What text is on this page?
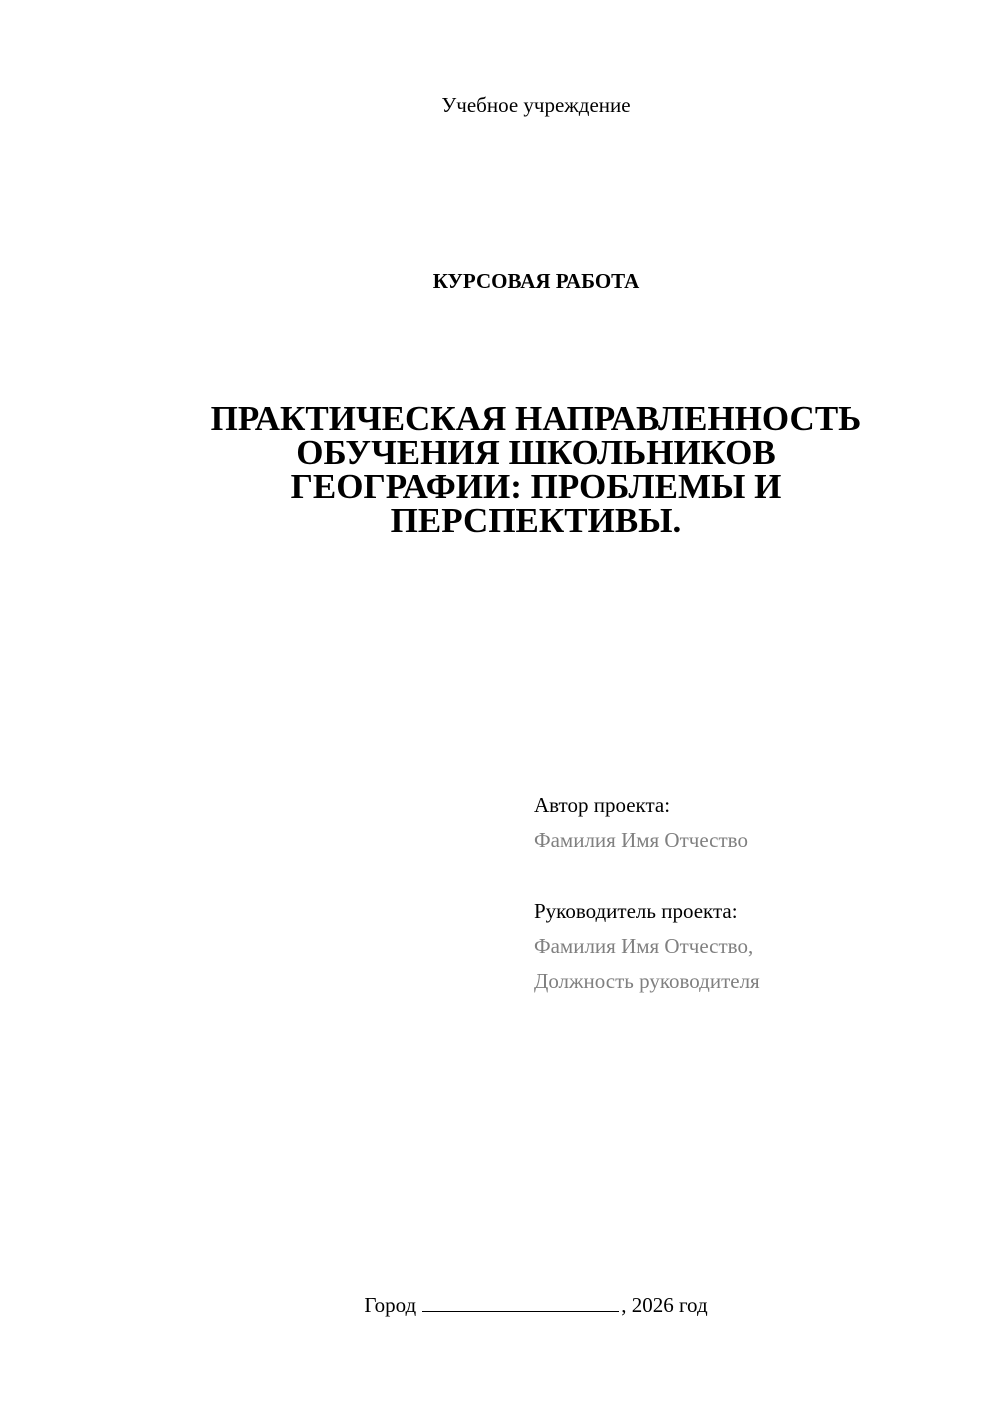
Учебное учреждение
КУРСОВАЯ РАБОТА
ПРАКТИЧЕСКАЯ НАПРАВЛЕННОСТЬ
ОБУЧЕНИЯ ШКОЛЬНИКОВ
ГЕОГРАФИИ: ПРОБЛЕМЫ И
ПЕРСПЕКТИВЫ.
Автор проекта:
Фамилия Имя Отчество
Руководитель проекта:
Фамилия Имя Отчество,
Должность руководителя
Город	, 2026 год
